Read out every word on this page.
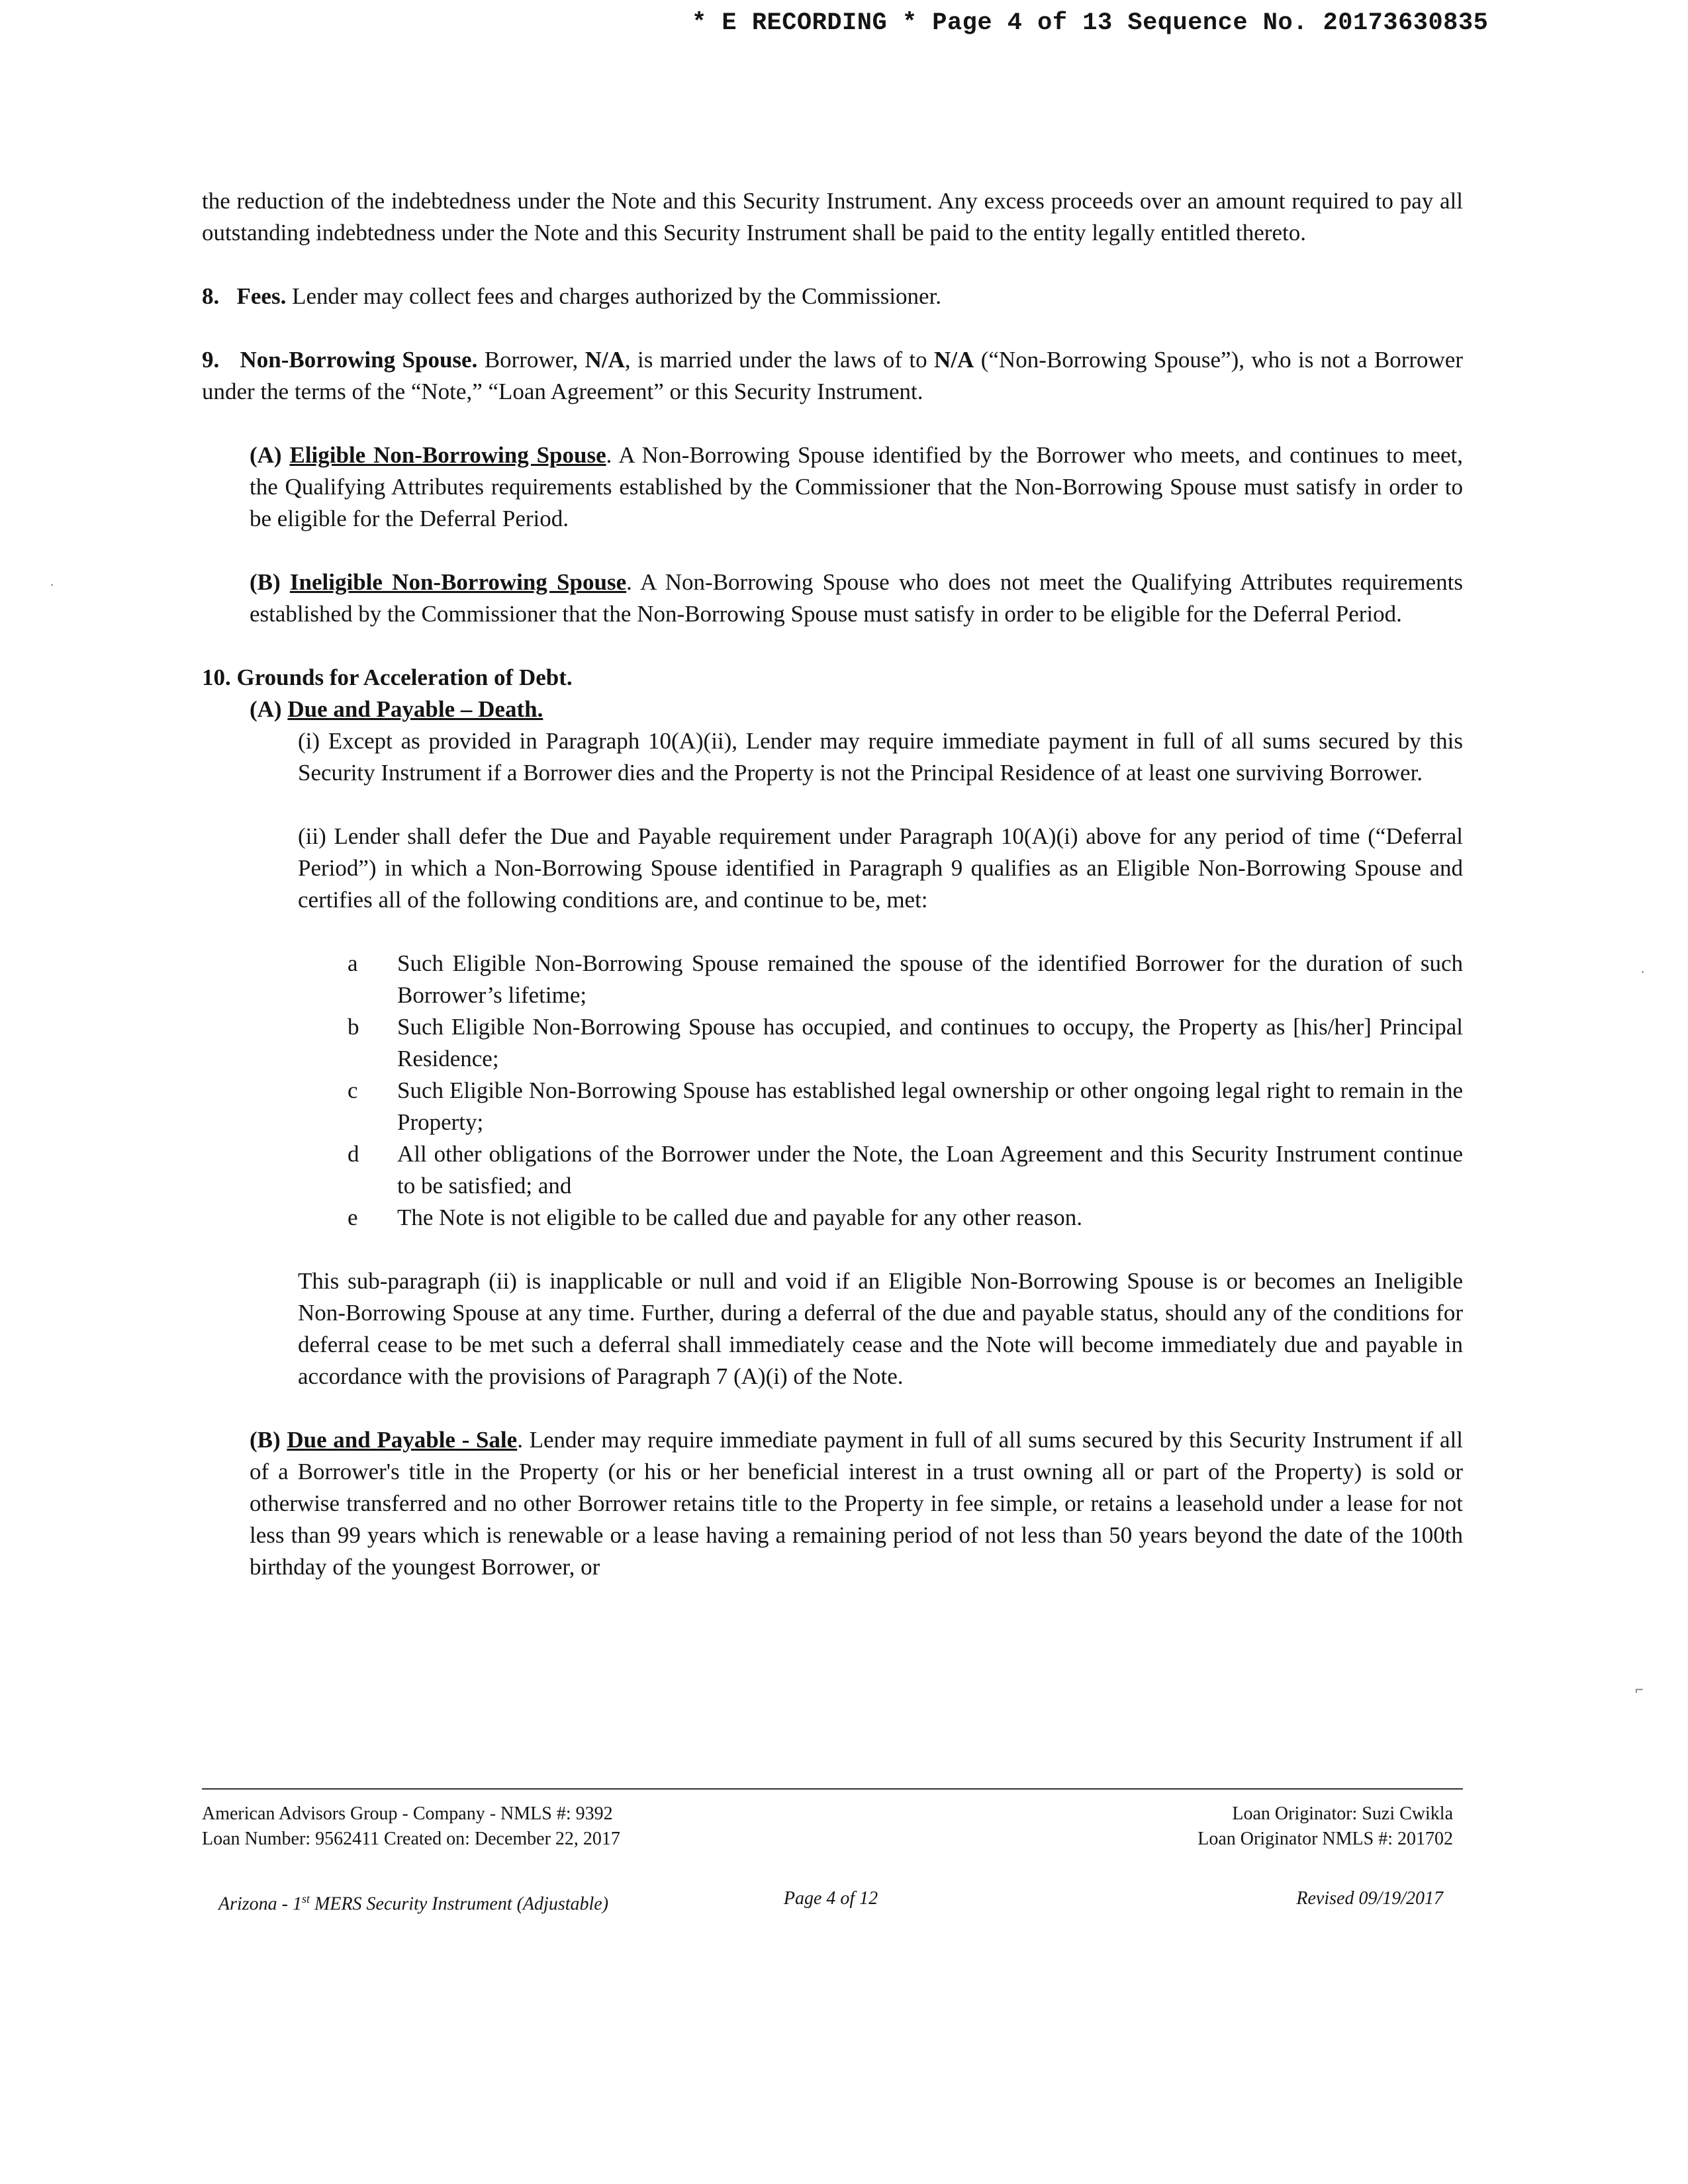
* E RECORDING * Page 4 of 13 Sequence No. 20173630835

the reduction of the indebtedness under the Note and this Security Instrument. Any excess proceeds over an amount required to pay all outstanding indebtedness under the Note and this Security Instrument shall be paid to the entity legally entitled thereto.

8. Fees. Lender may collect fees and charges authorized by the Commissioner.

9. Non-Borrowing Spouse. Borrower, N/A, is married under the laws of to N/A (“Non-Borrowing Spouse”), who is not a Borrower under the terms of the “Note,” “Loan Agreement” or this Security Instrument.

(A) Eligible Non-Borrowing Spouse. A Non-Borrowing Spouse identified by the Borrower who meets, and continues to meet, the Qualifying Attributes requirements established by the Commissioner that the Non-Borrowing Spouse must satisfy in order to be eligible for the Deferral Period.

(B) Ineligible Non-Borrowing Spouse. A Non-Borrowing Spouse who does not meet the Qualifying Attributes requirements established by the Commissioner that the Non-Borrowing Spouse must satisfy in order to be eligible for the Deferral Period.

10. Grounds for Acceleration of Debt.

(A) Due and Payable – Death.

(i) Except as provided in Paragraph 10(A)(ii), Lender may require immediate payment in full of all sums secured by this Security Instrument if a Borrower dies and the Property is not the Principal Residence of at least one surviving Borrower.

(ii) Lender shall defer the Due and Payable requirement under Paragraph 10(A)(i) above for any period of time (“Deferral Period”) in which a Non-Borrowing Spouse identified in Paragraph 9 qualifies as an Eligible Non-Borrowing Spouse and certifies all of the following conditions are, and continue to be, met:

a	Such Eligible Non-Borrowing Spouse remained the spouse of the identified Borrower for the duration of such Borrower’s lifetime;
b	Such Eligible Non-Borrowing Spouse has occupied, and continues to occupy, the Property as [his/her] Principal Residence;
c	Such Eligible Non-Borrowing Spouse has established legal ownership or other ongoing legal right to remain in the Property;
d	All other obligations of the Borrower under the Note, the Loan Agreement and this Security Instrument continue to be satisfied; and
e	The Note is not eligible to be called due and payable for any other reason.

This sub-paragraph (ii) is inapplicable or null and void if an Eligible Non-Borrowing Spouse is or becomes an Ineligible Non-Borrowing Spouse at any time. Further, during a deferral of the due and payable status, should any of the conditions for deferral cease to be met such a deferral shall immediately cease and the Note will become immediately due and payable in accordance with the provisions of Paragraph 7 (A)(i) of the Note.

(B) Due and Payable - Sale. Lender may require immediate payment in full of all sums secured by this Security Instrument if all of a Borrower's title in the Property (or his or her beneficial interest in a trust owning all or part of the Property) is sold or otherwise transferred and no other Borrower retains title to the Property in fee simple, or retains a leasehold under a lease for not less than 99 years which is renewable or a lease having a remaining period of not less than 50 years beyond the date of the 100th birthday of the youngest Borrower, or

American Advisors Group - Company - NMLS #: 9392	Loan Originator: Suzi Cwikla
Loan Number: 9562411 Created on: December 22, 2017	Loan Originator NMLS #: 201702
Arizona - 1st MERS Security Instrument (Adjustable)	Page 4 of 12	Revised 09/19/2017
·
·
⌐
